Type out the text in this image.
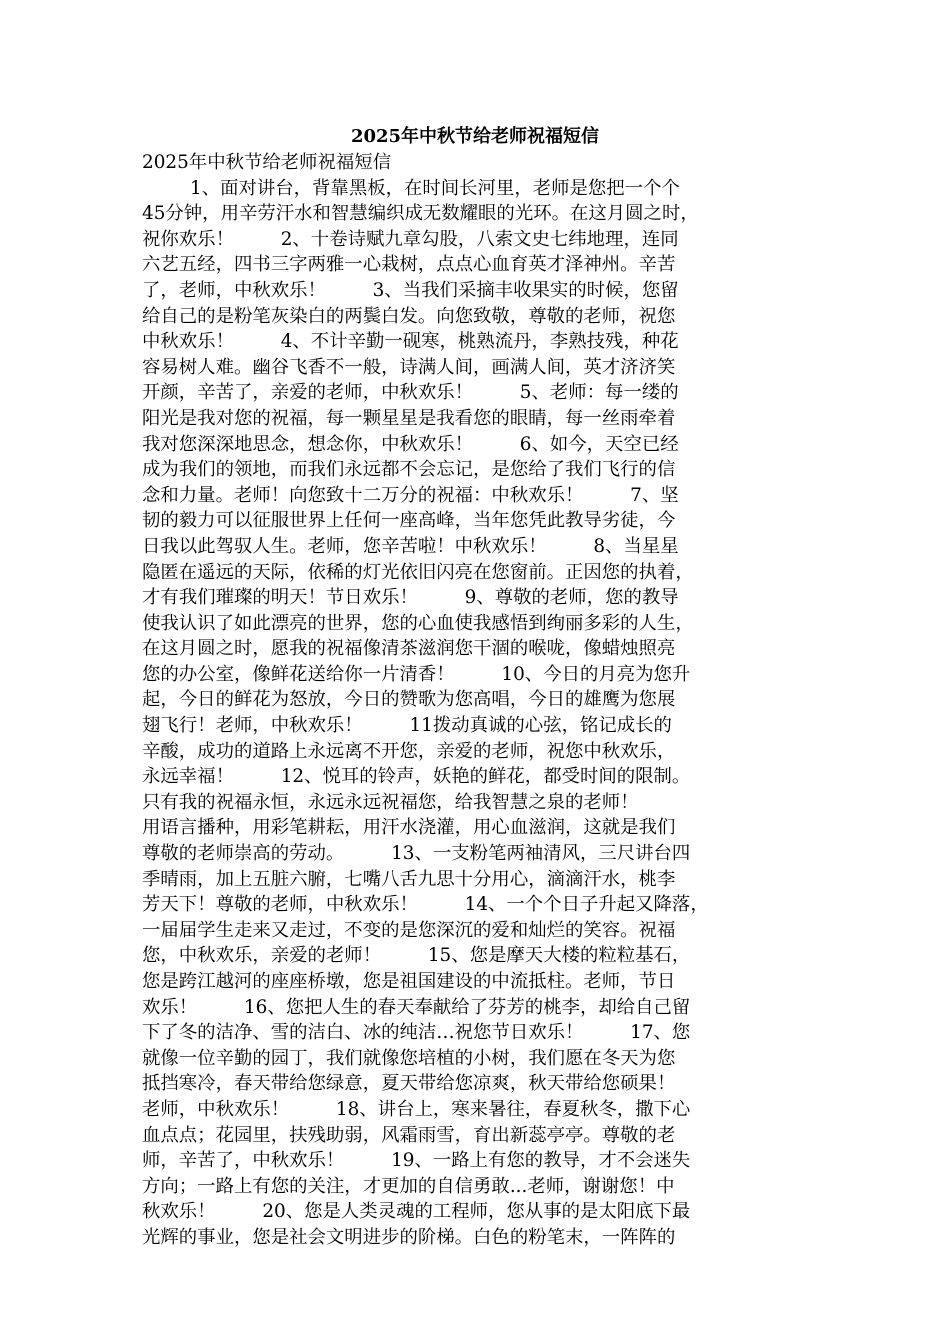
2025年中秋节给老师祝福短信
2025年中秋节给老师祝福短信
1、面对讲台，背靠黑板，在时间长河里，老师是您把一个个
45分钟，用辛劳汗水和智慧编织成无数耀眼的光环。在这月圆之时，
祝你欢乐！        2、十卷诗赋九章勾股，八索文史七纬地理，连同
六艺五经，四书三字两雅一心栽树，点点心血育英才泽神州。辛苦
了，老师，中秋欢乐！        3、当我们采摘丰收果实的时候，您留
给自己的是粉笔灰染白的两鬓白发。向您致敬，尊敬的老师，祝您
中秋欢乐！        4、不计辛勤一砚寒，桃熟流丹，李熟技残，种花
容易树人难。幽谷飞香不一般，诗满人间，画满人间，英才济济笑
开颜，辛苦了，亲爱的老师，中秋欢乐！        5、老师：每一缕的
阳光是我对您的祝福，每一颗星星是我看您的眼睛，每一丝雨牵着
我对您深深地思念，想念你，中秋欢乐！        6、如今，天空已经
成为我们的领地，而我们永远都不会忘记，是您给了我们飞行的信
念和力量。老师！向您致十二万分的祝福：中秋欢乐！        7、坚
韧的毅力可以征服世界上任何一座高峰，当年您凭此教导劣徒，今
日我以此驾驭人生。老师，您辛苦啦！中秋欢乐！        8、当星星
隐匿在遥远的天际，依稀的灯光依旧闪亮在您窗前。正因您的执着，
才有我们璀璨的明天！节日欢乐！        9、尊敬的老师，您的教导
使我认识了如此漂亮的世界，您的心血使我感悟到绚丽多彩的人生，
在这月圆之时，愿我的祝福像清茶滋润您干涸的喉咙，像蜡烛照亮
您的办公室，像鲜花送给你一片清香！        10、今日的月亮为您升
起，今日的鲜花为怒放，今日的赞歌为您高唱，今日的雄鹰为您展
翅飞行！老师，中秋欢乐！        11拨动真诚的心弦，铭记成长的
辛酸，成功的道路上永远离不开您，亲爱的老师，祝您中秋欢乐，
永远幸福！        12、悦耳的铃声，妖艳的鲜花，都受时间的限制。
只有我的祝福永恒，永远永远祝福您，给我智慧之泉的老师！
用语言播种，用彩笔耕耘，用汗水浇灌，用心血滋润，这就是我们
尊敬的老师崇高的劳动。        13、一支粉笔两袖清风，三尺讲台四
季晴雨，加上五脏六腑，七嘴八舌九思十分用心，滴滴汗水，桃李
芳天下！尊敬的老师，中秋欢乐！        14、一个个日子升起又降落，
一届届学生走来又走过，不变的是您深沉的爱和灿烂的笑容。祝福
您，中秋欢乐，亲爱的老师！        15、您是摩天大楼的粒粒基石，
您是跨江越河的座座桥墩，您是祖国建设的中流抵柱。老师，节日
欢乐！        16、您把人生的春天奉献给了芬芳的桃李，却给自己留
下了冬的洁净、雪的洁白、冰的纯洁…祝您节日欢乐！        17、您
就像一位辛勤的园丁，我们就像您培植的小树，我们愿在冬天为您
抵挡寒冷，春天带给您绿意，夏天带给您凉爽，秋天带给您硕果！
老师，中秋欢乐！        18、讲台上，寒来暑往，春夏秋冬，撒下心
血点点；花园里，扶残助弱，风霜雨雪，育出新蕊亭亭。尊敬的老
师，辛苦了，中秋欢乐！        19、一路上有您的教导，才不会迷失
方向；一路上有您的关注，才更加的自信勇敢...老师，谢谢您！中
秋欢乐！        20、您是人类灵魂的工程师，您从事的是太阳底下最
光辉的事业，您是社会文明进步的阶梯。白色的粉笔末，一阵阵的
